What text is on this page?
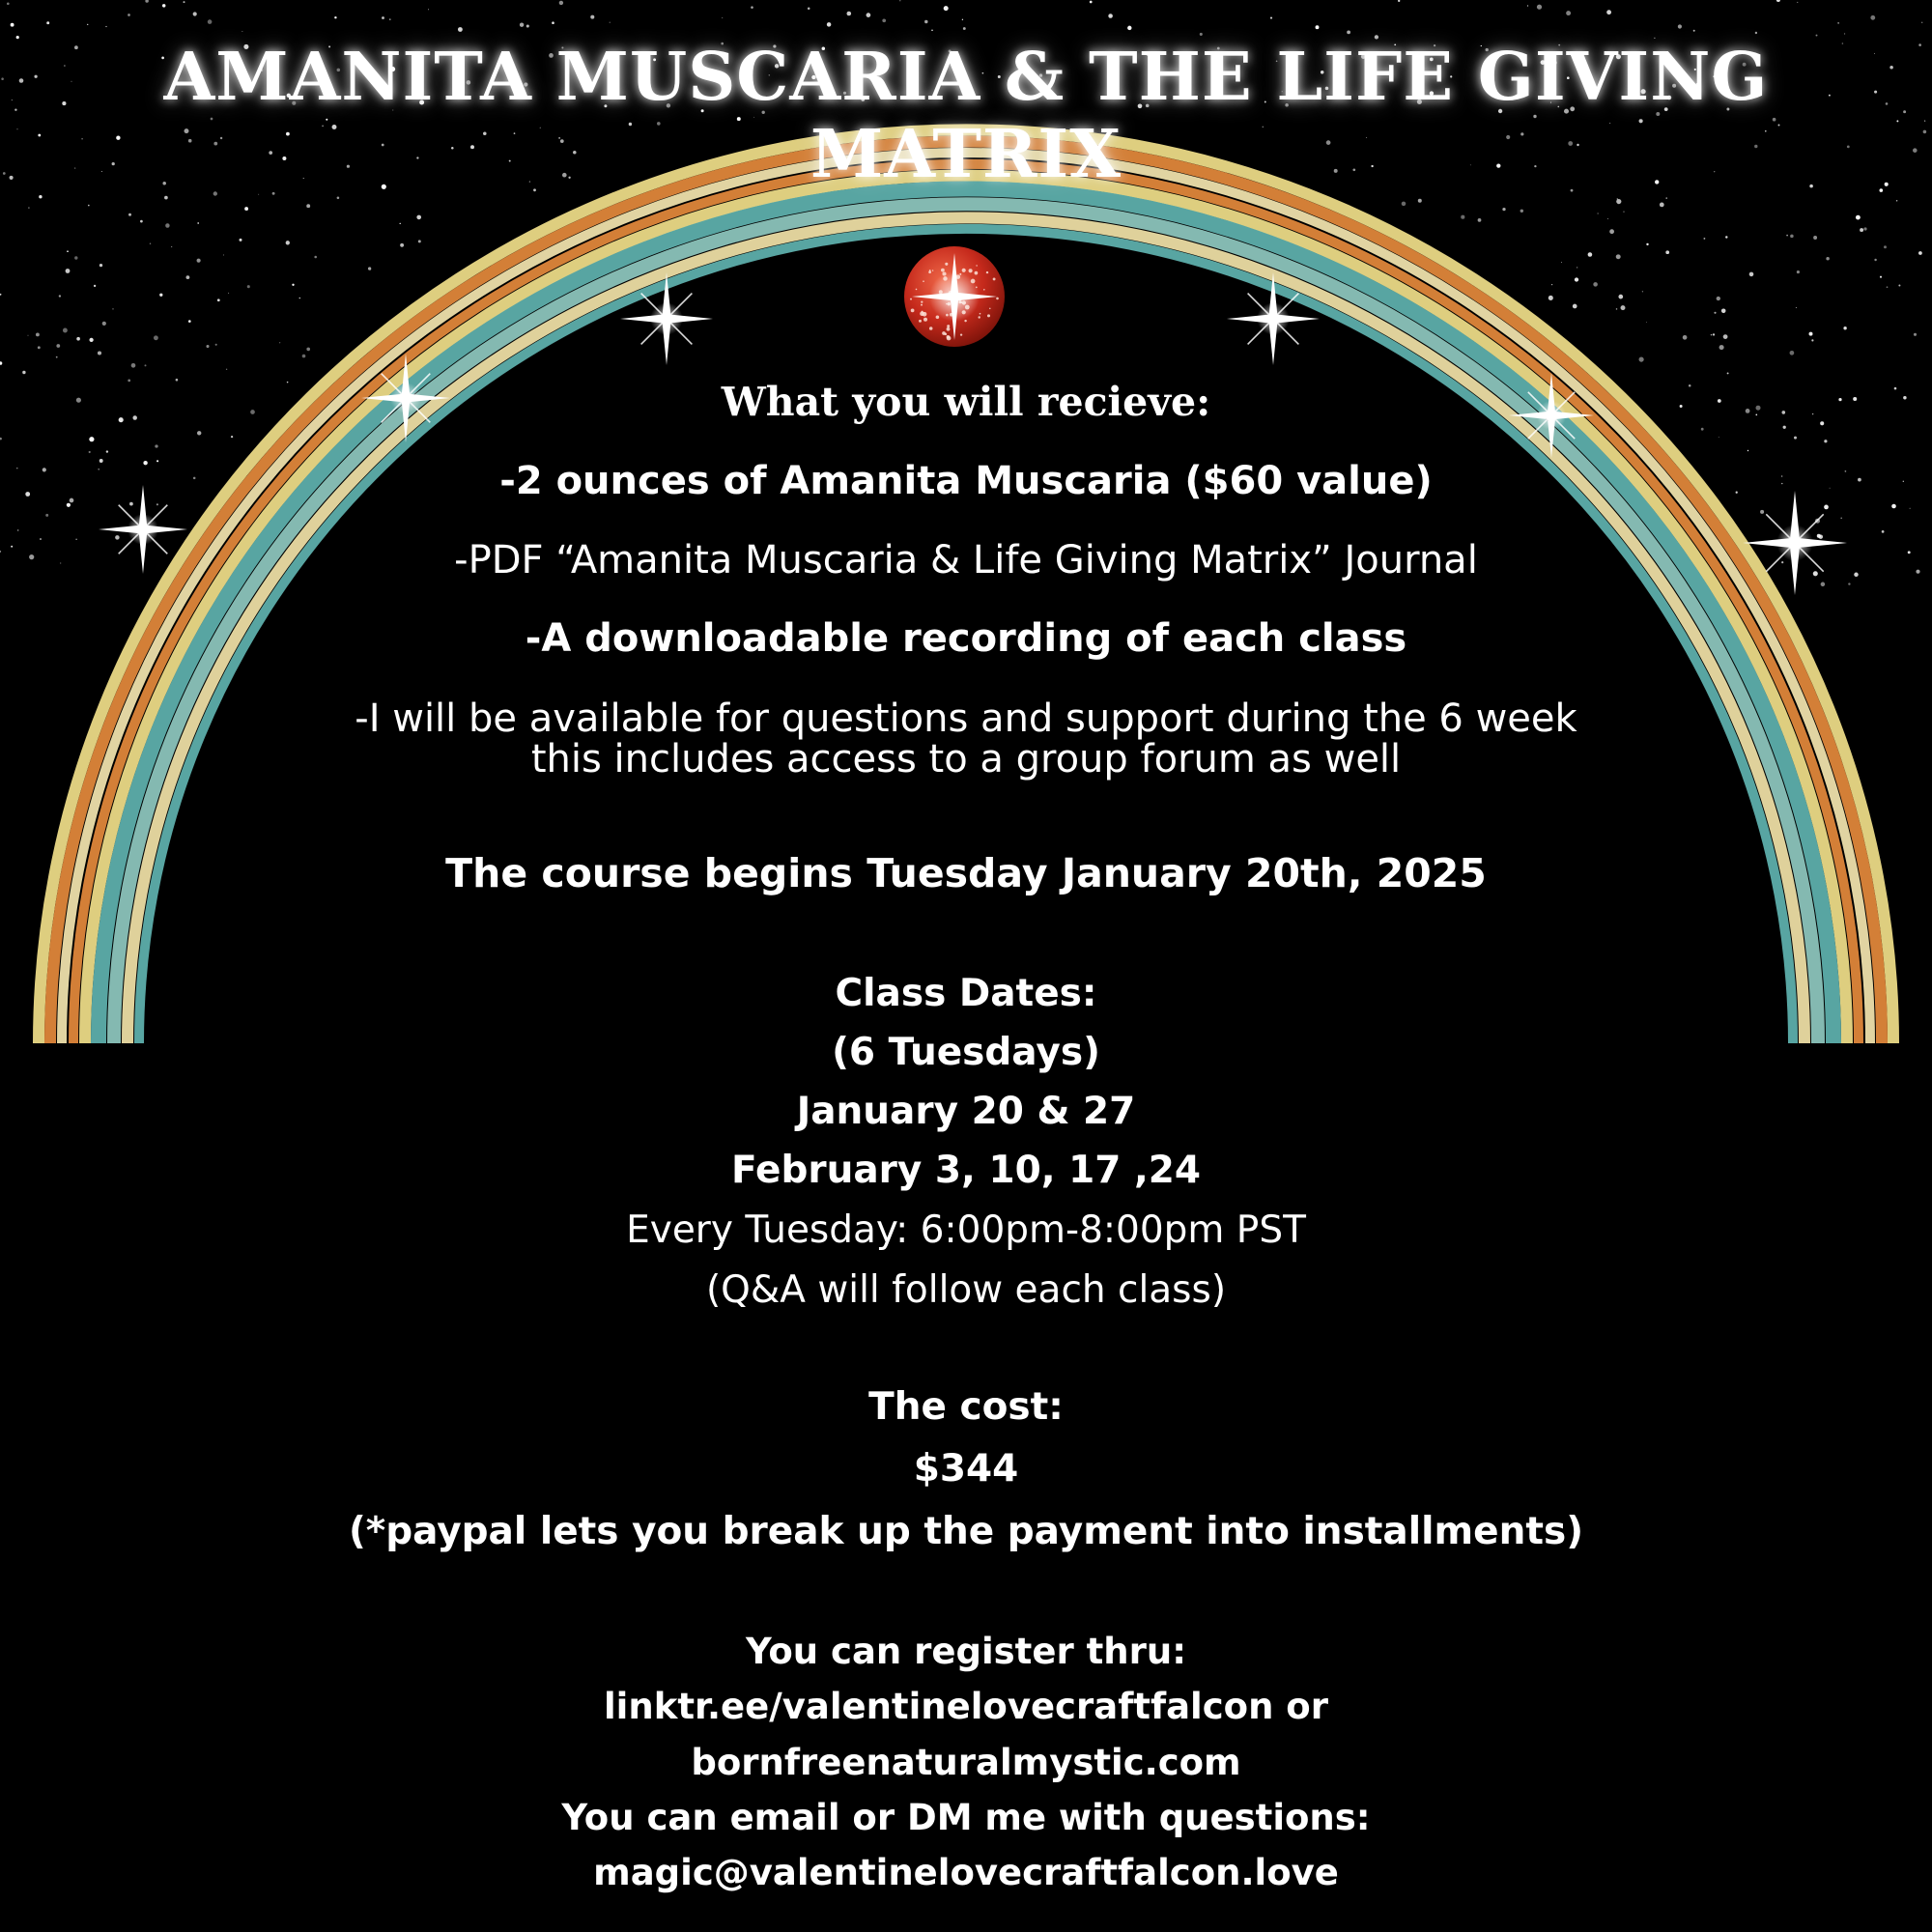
AMANITA MUSCARIA & THE LIFE GIVING MATRIX
What you will recieve:
-2 ounces of Amanita Muscaria ($60 value)
-PDF “Amanita Muscaria & Life Giving Matrix” Journal
-A downloadable recording of each class
-I will be available for questions and support during the 6 week
this includes access to a group forum as well
The course begins Tuesday January 20th, 2025
Class Dates:
(6 Tuesdays)
January 20 & 27
February 3, 10, 17 ,24
Every Tuesday: 6:00pm-8:00pm PST
(Q&A will follow each class)
The cost:
$344
(*paypal lets you break up the payment into installments)
You can register thru:
linktr.ee/valentinelovecraftfalcon or
bornfreenaturalmystic.com
You can email or DM me with questions:
magic@valentinelovecraftfalcon.love
